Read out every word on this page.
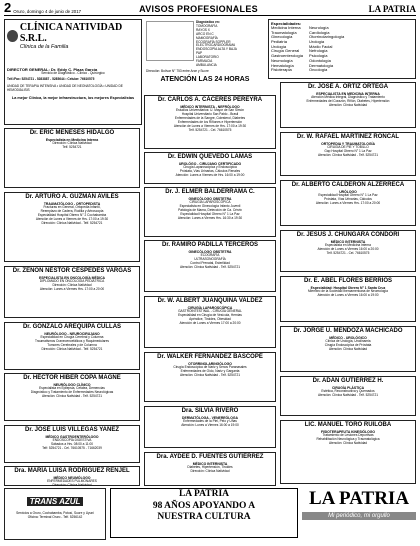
2 Oruro, domingo 4 de junio de 2017	AVISOS PROFESIONALES	LA PATRIA
CLÍNICA NATIVIDAD S.R.L.
Clínica de la Familia
DIRECTOR GENERAL: Dr. Eddy C. Plaza García
Servicio de Diagnóstico - Clínico - Quirúrgico
Telf./Fax: 5254721 - 5283887 - 5285644 • Celular: 76610575
UNIDAD DE TERAPIA INTENSIVA • UNIDAD DE NEONATOLOGÍA • UNIDAD DE HEMODIÁLISIS
La mejor Clínica, la mejor infraestructura, los mejores Especialistas
Diagnóstico en:
TOMOGRAFÍA
RAYOS X
ARCO EN C
MAMOGRAFÍA
ECOGRAFÍA SOPPLER
ELECTROCARDIOGRAMA
ENDOSCOPÍA ALTA Y BAJA
PAP
LABORATORIO
FARMACIA
AMBULANCIA
Dirección: Bolívar N° 753 entre Arce y Sucre
ATENCIÓN LAS 24 HORAS
Especialidades:
Medicina Interna
Traumatología
Ginecología
Pediatría
Urología
Cirugía General
Gastroenterología
Neumología
Hematología
Fisioterapia
Neurología
Cardiología
Otorrinolaringología
Urología
Máxilo Facial
Nefrología
Psicología
Odontología
Dermatología
Oncología
Dr. ERIC MENESES HIDALGO
Especialista en Medicina Interna
Dirección: Clínica Natividad
Telf. 5254721
Dr. ARTURO A. GUZMÁN AVILÉS
TRAUMATÓLOGO - ORTOPEDISTA
Fracturas en General, Ortopedia Infantil,
Reemplazo de Cadera, Rodilla y Artroscopia
Especialidad Hospital Obrero N° 2 Cochabamba
Atención de Lunes a Viernes de Hrs. 17:00 a 19:30
Dirección: Clínica Natividad - Telf. 5254721
Dr. ZENÓN NÉSTOR CÉSPEDES VARGAS
ESPECIALISTA EN ONCOLOGÍA MÉDICA
DIPLOMADO EN ONCOLOGÍA PEDIÁTRICA
Dirección: Clínica Natividad
Atención: Lunes a Viernes Hrs. 17:00 a 20:00
Dr. GONZALO AREQUIPA CULLAS
NEURÓLOGO - NEUROCIRUJANO
Especialidad en Cirugía Cerebral y Columna
Traumatismos Craneoencefálicos y Raquimedulares
Tumores Cerebrales y de Columna
Dirección: Clínica Natividad - Telf. 5254721
Dr. HÉCTOR HIBER COPA MAGNE
NEURÓLOGO CLÍNICO
Especialista en Epilepsia, Cefalea, Demencias
Diagnóstico y Tratamiento de Enfermedades Neurológicas
Atención: Clínica Natividad - Telf. 5254721
Dr. JOSÉ LUIS VILLEGAS YAÑEZ
MÉDICO GASTROENTERÓLOGO
ENDOSCOPÍA DIGESTIVA
Sábados a Hrs. 08:00 a 11:00
Telf: 5254721 - Cel. 76610575 - 71662039
Dra. MARÍA LUISA RODRÍGUEZ RENJEL
MÉDICO NEUMÓLOGO
ENFERMEDADES PULMONARES
Dirección: Clínica Natividad
Dr. CARLOS A. CÁCERES PEREYRA
MÉDICO INTERNISTA - NEFRÓLOGO
Estudios Universitarios: U. Mayor de San Simón
Hospital Universitario San Pablo - Brasil
Enfermedades de la Sangre, Colesterol, Diabetes
Enfermedades de los Riñones e Hipertensión
Atención de Lunes a Viernes de Hrs. 17:00 a 19:30
Telf. 5254721 - Cel. 76610575
Dr. EDWIN QUEVEDO LAMAS
UROLÓGO - CIRUJANO CERTIFICADO
Cirugía Laparoscópica y Endoscópica
Próstata, Vías Urinarias, Cálculos Renales
Atención: Lunes a Viernes de Hrs. 16:00 a 19:00
Dr. J. ELMER BALDERRAMA C.
GINECÓLOGO OBSTETRA
CIRUGÍA LAPAROSCÓPICA
Especialista en Ginecología Infanto Juvenil
Patología de Mama, Detección de Ca. Cérvix
Especialidad Hospital Obrero N° 1 La Paz
Atención: Lunes a Viernes Hrs. 16:30 a 19:30
Dr. RAMIRO PADILLA TERCEROS
GINECÓLOGO OBSTETRA
ECOGRAFÍA
ULTRASONOGRAFÍA
Control Prenatal, Esterilidad
Atención: Clínica Natividad - Telf. 5254721
Dr. W. ALBERT JUANQUINA VALDEZ
CIRUGÍA LAPAROSCÓPICA
GASTROINTESTINAL - CIRUGÍA GENERAL
Especialidad en Cirugía de Vesícula, Hernias
Apéndice, Tiroides, Obesidad
Atención de Lunes a Viernes 17:00 a 20:00
Dr. WALKER FERNÁNDEZ BASCOPÉ
OTORRINOLARINGÓLOGO
Cirugía Endoscópica de Nariz y Senos Paranasales
Enfermedades de Oído, Nariz y Garganta
Atención: Clínica Natividad - Telf. 5254721
Dra. SILVIA RIVERO
DERMATÓLOGA - VENEREÓLOGA
Enfermedades de la Piel, Pelo y Uñas
Atención: Lunes a Viernes 16:00 a 19:00
Dra. AYDEE D. FUENTES GUTIÉRREZ
MÉDICO INTERNISTA
Diabetes, Hipertensión, Tiroides
Dirección: Clínica Natividad
Dr. JOSÉ A. ORTIZ ORTEGA
ESPECIALISTA EN MEDICINA INTERNA
Atención Médica Integral, Diagnóstico y Tratamiento
Enfermedades del Corazón, Riñón, Diabetes, Hipertensión
Atención: Clínica Natividad
Dr. W. RAFAEL MARTÍNEZ RONCAL
ORTOPEDIA Y TRAUMATOLOGÍA
CIRUGÍA DE PIE Y TOBILLO
Gap Hospital Obrero N° 1 La Paz
Atención: Clínica Natividad - Telf. 5254721
Dr. ALBERTO CALDERÓN ALZÉRRECA
URÓLOGO
Especialidad Hospital Obrero N° 1 La Paz
Próstata, Vías Urinarias, Cálculos
Atención: Lunes a Viernes Hrs. 17:00 a 20:00
Dr. JESÚS J. CHUNGARA CONDORI
MÉDICO INTERNISTA
Especialista en Medicina Interna
Atención de Lunes a Viernes 16:00 a 20:00
Telf. 5254721 - Cel. 76610575
Dr. E. ABEL FLORES BERRIOS
Especialidad: Hospital Obrero N° 1 Santa Cruz
Miembro de la Sociedad Iberoamericana de Neumología
Atención de Lunes a Viernes 16:00 a 19:00
Dr. JORGE U. MENDOZA MACHICADO
MÉDICO - UROLÓGICO
Clínica de Urología, Urodinamia
Cirugía Endoscópica de Próstata
Atención: Clínica Natividad
Dr. ADÁN GUTIÉRREZ H.
CIRUGÍA PLÁSTICA
Estética, Reconstructiva y Quemados
Atención: Clínica Natividad - Telf. 5254721
LIC. MANUEL TORO RUILOBA
FISIOTERAPEUTA KINESIÓLOGO
Tratamiento de Lesiones Deportivas
Rehabilitación Neurológica y Traumatológica
Atención: Clínica Natividad
TRANS AZUL
Servicios a Oruro, Cochabamba, Potosí, Sucre y Uyuni
Oficina: Terminal Oruro - Telf. 5256142
LA PATRIA
98 AÑOS APOYANDO A
NUESTRA CULTURA
LA PATRIA
Mi periódico, mi orgullo
